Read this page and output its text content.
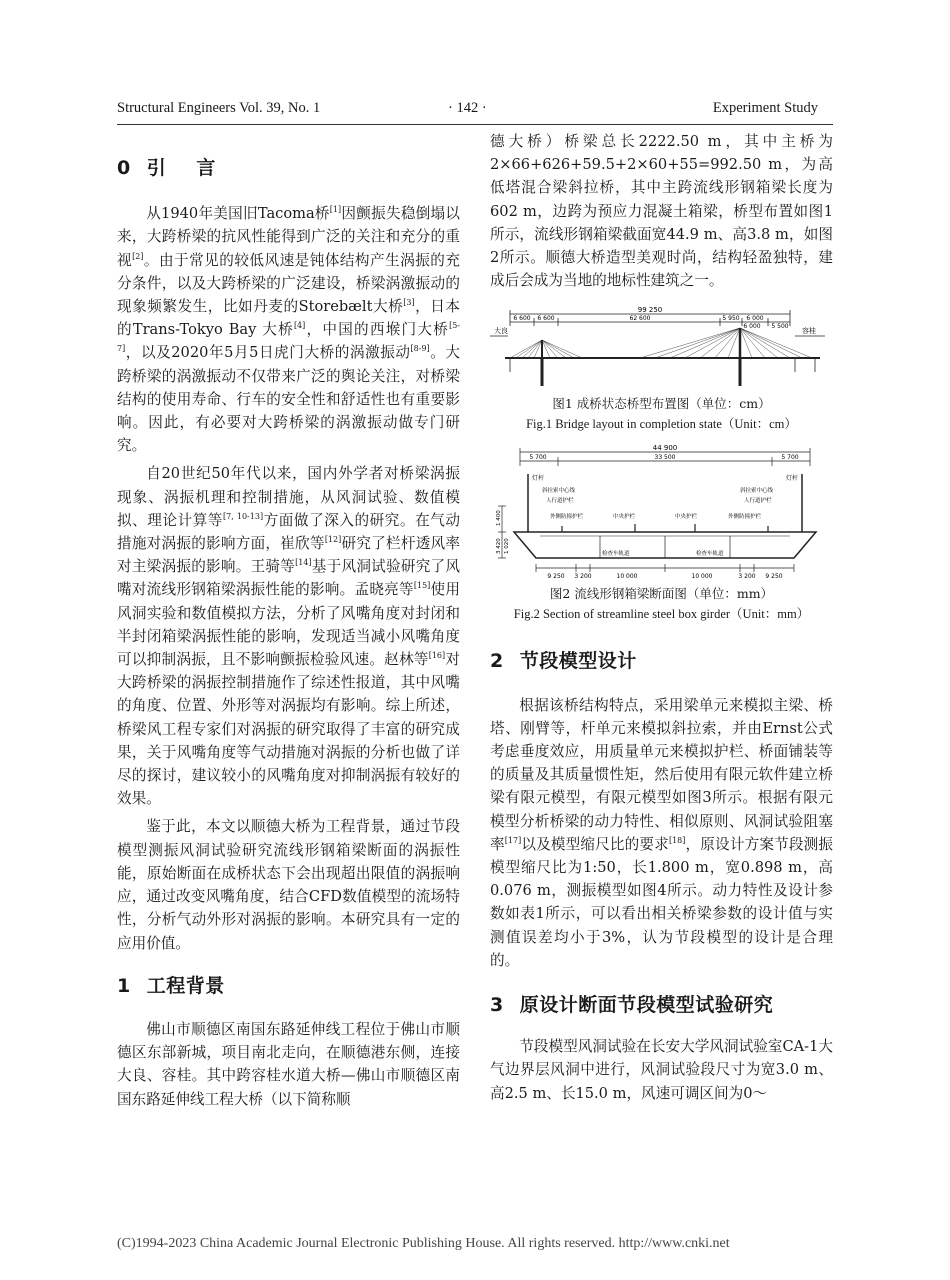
Structural Engineers Vol. 39, No. 1	· 142 ·	Experiment Study
0 引 言

从1940年美国旧Tacoma桥[1]因颤振失稳倒塌以来，大跨桥梁的抗风性能得到广泛的关注和充分的重视[2]。由于常见的较低风速是钝体结构产生涡振的充分条件，以及大跨桥梁的广泛建设，桥梁涡激振动的现象频繁发生，比如丹麦的Storebælt大桥[3]，日本的Trans-Tokyo Bay 大桥[4]，中国的西堠门大桥[5-7]，以及2020年5月5日虎门大桥的涡激振动[8-9]。大跨桥梁的涡激振动不仅带来广泛的舆论关注，对桥梁结构的使用寿命、行车的安全性和舒适性也有重要影响。因此，有必要对大跨桥梁的涡激振动做专门研究。

自20世纪50年代以来，国内外学者对桥梁涡振现象、涡振机理和控制措施，从风洞试验、数值模拟、理论计算等[7, 10-13]方面做了深入的研究。在气动措施对涡振的影响方面，崔欣等[12]研究了栏杆透风率对主梁涡振的影响。王骑等[14]基于风洞试验研究了风嘴对流线形钢箱梁涡振性能的影响。孟晓亮等[15]使用风洞实验和数值模拟方法，分析了风嘴角度对封闭和半封闭箱梁涡振性能的影响，发现适当减小风嘴角度可以抑制涡振，且不影响颤振检验风速。赵林等[16]对大跨桥梁的涡振控制措施作了综述性报道，其中风嘴的角度、位置、外形等对涡振均有影响。综上所述，桥梁风工程专家们对涡振的研究取得了丰富的研究成果，关于风嘴角度等气动措施对涡振的分析也做了详尽的探讨，建议较小的风嘴角度对抑制涡振有较好的效果。

鉴于此，本文以顺德大桥为工程背景，通过节段模型测振风洞试验研究流线形钢箱梁断面的涡振性能，原始断面在成桥状态下会出现超出限值的涡振响应，通过改变风嘴角度，结合CFD数值模型的流场特性，分析气动外形对涡振的影响。本研究具有一定的应用价值。

1 工程背景

佛山市顺德区南国东路延伸线工程位于佛山市顺德区东部新城，项目南北走向，在顺德港东侧，连接大良、容桂。其中跨容桂水道大桥—佛山市顺德区南国东路延伸线工程大桥（以下简称顺

德大桥）桥梁总长2222.50 m，其中主桥为2×66+626+59.5+2×60+55=992.50 m，为高低塔混合梁斜拉桥，其中主跨流线形钢箱梁长度为602 m，边跨为预应力混凝土箱梁，桥型布置如图1所示，流线形钢箱梁截面宽44.9 m、高3.8 m，如图2所示。顺德大桥造型美观时尚，结构轻盈独特，建成后会成为当地的地标性建筑之一。

99 250
6 600 6 600	62 600	5 950 6 000
6 000 5 500
大良	容桂
图1 成桥状态桥型布置图（单位：cm）
Fig.1 Bridge layout in completion state（Unit：cm）
44 900
5 700	33 500	5 700
灯杆
斜拉索中心线
人行道护栏
外侧防撞护栏	中央护栏	中央护栏	外侧防撞护栏
人行道护栏
斜拉索中心线
灯杆
检查车轨道	检查车轨道
1 400
3 420 1 020
9 250 3 200	10 000	10 000	3 200 9 250
图2 流线形钢箱梁断面图（单位：mm）
Fig.2 Section of streamline steel box girder（Unit：mm）
2 节段模型设计

根据该桥结构特点，采用梁单元来模拟主梁、桥塔、刚臂等，杆单元来模拟斜拉索，并由Ernst公式考虑垂度效应，用质量单元来模拟护栏、桥面铺装等的质量及其质量惯性矩，然后使用有限元软件建立桥梁有限元模型，有限元模型如图3所示。根据有限元模型分析桥梁的动力特性、相似原则、风洞试验阻塞率[17]以及模型缩尺比的要求[18]，原设计方案节段测振模型缩尺比为1:50，长1.800 m，宽0.898 m，高0.076 m，测振模型如图4所示。动力特性及设计参数如表1所示，可以看出相关桥梁参数的设计值与实测值误差均小于3%，认为节段模型的设计是合理的。

3 原设计断面节段模型试验研究

节段模型风洞试验在长安大学风洞试验室CA-1大气边界层风洞中进行，风洞试验段尺寸为宽3.0 m、高2.5 m、长15.0 m，风速可调区间为0～

(C)1994-2023 China Academic Journal Electronic Publishing House. All rights reserved. http://www.cnki.net
